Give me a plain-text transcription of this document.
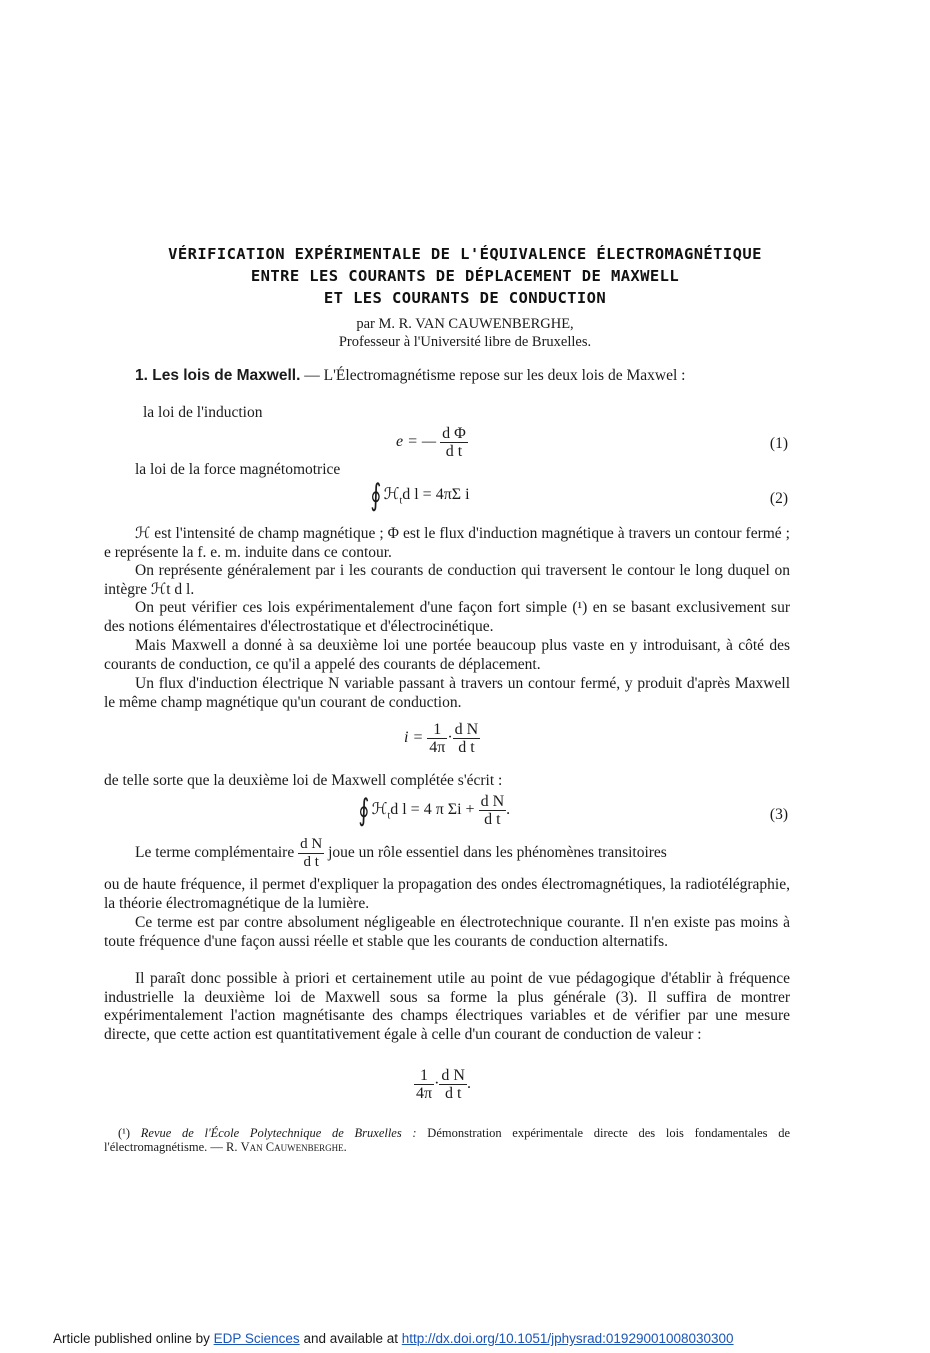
VÉRIFICATION EXPÉRIMENTALE DE L'ÉQUIVALENCE ÉLECTROMAGNÉTIQUE
ENTRE LES COURANTS DE DÉPLACEMENT DE MAXWELL
ET LES COURANTS DE CONDUCTION
par M. R. VAN CAUWENBERGHE,
Professeur à l'Université libre de Bruxelles.
1. Les lois de Maxwell. — L'Électromagnétisme repose sur les deux lois de Maxwel :
la loi de l'induction
e = — $\frac{\text{d Φ}}{\text{d t}}$	(1)
la loi de la force magnétomotrice
∮ ℋ$_t$d l = 4πΣ i	(2)
ℋ est l'intensité de champ magnétique ; Φ est le flux d'induction magnétique à travers un contour fermé ; e représente la f. e. m. induite dans ce contour.
On représente généralement par i les courants de conduction qui traversent le contour le long duquel on intègre ℋt d l.
On peut vérifier ces lois expérimentalement d'une façon fort simple (¹) en se basant exclusivement sur des notions élémentaires d'électrostatique et d'électrocinétique.
Mais Maxwell a donné à sa deuxième loi une portée beaucoup plus vaste en y introduisant, à côté des courants de conduction, ce qu'il a appelé des courants de déplacement.
Un flux d'induction électrique N variable passant à travers un contour fermé, y produit d'après Maxwell le même champ magnétique qu'un courant de conduction.
$i = \frac{1}{4\pi} \cdot \frac{\text{d N}}{\text{d t}}$
de telle sorte que la deuxième loi de Maxwell complétée s'écrit :
∮ ℋ$_t$d l = 4 π $\Sigma i + \frac{\text{d N}}{\text{d t}}$ .	(3)
Le terme complémentaire $\frac{\text{d N}}{\text{d t}}$ joue un rôle essentiel dans les phénomènes transitoires
ou de haute fréquence, il permet d'expliquer la propagation des ondes électromagnétiques, la radiotélégraphie, la théorie électromagnétique de la lumière.
Ce terme est par contre absolument négligeable en électrotechnique courante. Il n'en existe pas moins à toute fréquence d'une façon aussi réelle et stable que les courants de conduction alternatifs.
Il paraît donc possible à priori et certainement utile au point de vue pédagogique d'établir à fréquence industrielle la deuxième loi de Maxwell sous sa forme la plus générale (3). Il suffira de montrer expérimentalement l'action magnétisante des champs électriques variables et de vérifier par une mesure directe, que cette action est quantitativement égale à celle d'un courant de conduction de valeur :
$\frac{1}{4\pi} \cdot \frac{\text{d N}}{\text{d t}}$ .
(¹) Revue de l'École Polytechnique de Bruxelles : Démonstration expérimentale directe des lois fondamentales de l'électromagnétisme. — R. Van Cauwenberghe.
Article published online by EDP Sciences and available at http://dx.doi.org/10.1051/jphysrad:01929001008030300
